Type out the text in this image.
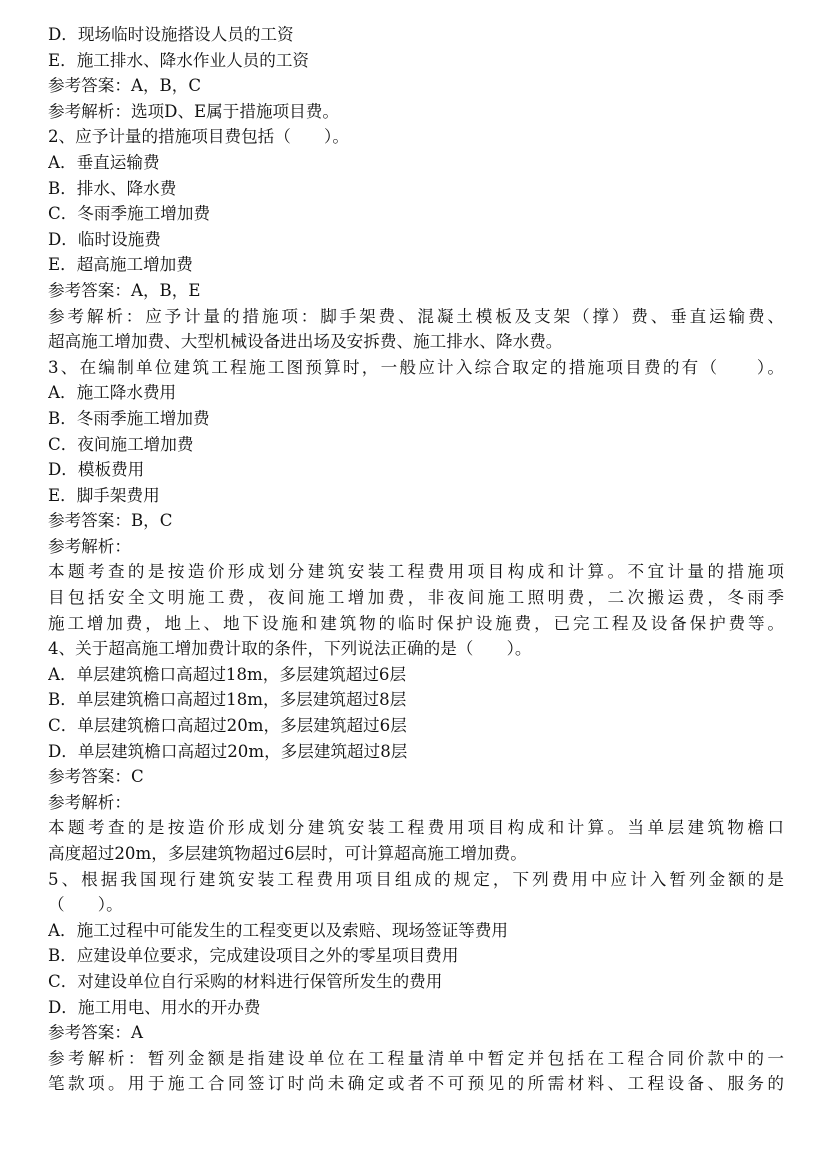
D．现场临时设施搭设人员的工资
E．施工排水、降水作业人员的工资
参考答案：A，B，C
参考解析：选项D、E属于措施项目费。
2、应予计量的措施项目费包括（　　）。
A．垂直运输费
B．排水、降水费
C．冬雨季施工增加费
D．临时设施费
E．超高施工增加费
参考答案：A，B，E
参考解析：应予计量的措施项：脚手架费、混凝土模板及支架（撑）费、垂直运输费、
超高施工增加费、大型机械设备进出场及安拆费、施工排水、降水费。
3、在编制单位建筑工程施工图预算时，一般应计入综合取定的措施项目费的有（　　）。
A．施工降水费用
B．冬雨季施工增加费
C．夜间施工增加费
D．模板费用
E．脚手架费用
参考答案：B，C
参考解析：
本题考查的是按造价形成划分建筑安装工程费用项目构成和计算。不宜计量的措施项
目包括安全文明施工费，夜间施工增加费，非夜间施工照明费，二次搬运费，冬雨季
施工增加费，地上、地下设施和建筑物的临时保护设施费，已完工程及设备保护费等。
4、关于超高施工增加费计取的条件，下列说法正确的是（　　）。
A．单层建筑檐口高超过18m，多层建筑超过6层
B．单层建筑檐口高超过18m，多层建筑超过8层
C．单层建筑檐口高超过20m，多层建筑超过6层
D．单层建筑檐口高超过20m，多层建筑超过8层
参考答案：C
参考解析：
本题考查的是按造价形成划分建筑安装工程费用项目构成和计算。当单层建筑物檐口
高度超过20m，多层建筑物超过6层时，可计算超高施工增加费。
5、根据我国现行建筑安装工程费用项目组成的规定，下列费用中应计入暂列金额的是
（　　）。
A．施工过程中可能发生的工程变更以及索赔、现场签证等费用
B．应建设单位要求，完成建设项目之外的零星项目费用
C．对建设单位自行采购的材料进行保管所发生的费用
D．施工用电、用水的开办费
参考答案：A
参考解析：暂列金额是指建设单位在工程量清单中暂定并包括在工程合同价款中的一
笔款项。用于施工合同签订时尚未确定或者不可预见的所需材料、工程设备、服务的
